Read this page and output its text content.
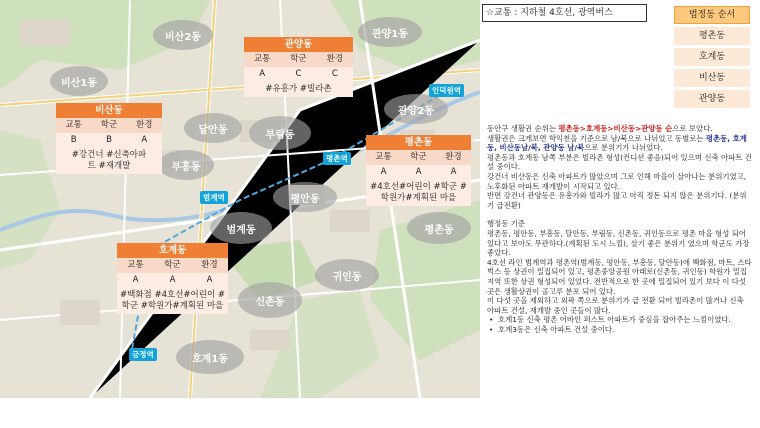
비산2동	관양1동
비산1동
관양2동
달안동	부림동
부흥동
평안동
범계동
귀인동
평촌동
신촌동
호계1동
인덕원역
평촌역
범계역
금정역
관양동
교통	학군	환경
A	C	C
#유흥가 #빌라촌
비산동
교통	학군	환경
B	B	A
#강건너 #신축아파트 #재개발
평촌동
교통	학군	환경
A	A	A
#4호선#어린이 #학군 #학원가#계획된 마을
호계동
교통	학군	환경
A	A	A
#백화점 #4호선#어린이 #학군 #학원가#계획된 마을
☆교통 : 지하철 4호선, 광역버스	법정동 순서
평촌동
호계동
비산동
관양동

동안구 생활권 순위는 평촌동>호계동>비산동>관양동 순으로 보았다.

생활권은 크게보면 학익천을 기준으로 남/북으로 나뉘었고 동별로는 평촌동, 호계동, 비산동남/북, 관양동 남/북으로 분위기가 나뉘었다.

평촌동과 호계동 남쪽 부분은 빌라촌 형성(컨디션 좋음)되어 있으며 신축 아파트 건설 중이다.

강건너 비산동은 신축 아파트가 많았으며 그로 인해 마을이 살아나는 분위기였고, 노후화된 아파트 재개발이 시작되고 있다.

반면 강건너 관양동은 유흥가와 빌라가 많고 아직 정돈 되지 않은 분위기다. (분위기 급전환)

행정동 기준

평촌동, 평안동, 부흥동, 달안동, 부림동, 신촌동, 귀인동으로 평촌 마을 형성 되어 있다고 보아도 무관하다.(계획된 도시 느낌), 살기 좋은 분위기 였으며 학군도 가장 좋았다.

4호선 라인 범계역과 평촌역(범계동, 평안동, 부흥동, 달안동)에 백화점, 마트, 스타벅스 등 상권이 밀집되어 있고, 평촌중앙공원 아래로(신촌동, 귀인동) 학원가 밀집지역 또한 상권 형성되어 있었다. 전반적으로 한 곳에 밀집되어 있기 보다 이 다섯 곳은 생활상권이 골고루 분포 되어 있다.

이 다섯 곳을 제외하고 외곽 쪽으로 분위기가 급 전환 되어 빌라촌이 많거나 신축 아파트 건설, 재개발 중인 곳들이 많다.

• 호계1동 신축 평촌 어바인 퍼스트 아파트가 중심을 잡아주는 느낌이였다.
• 호계3동은 신축 아파트 건설 중이다.
